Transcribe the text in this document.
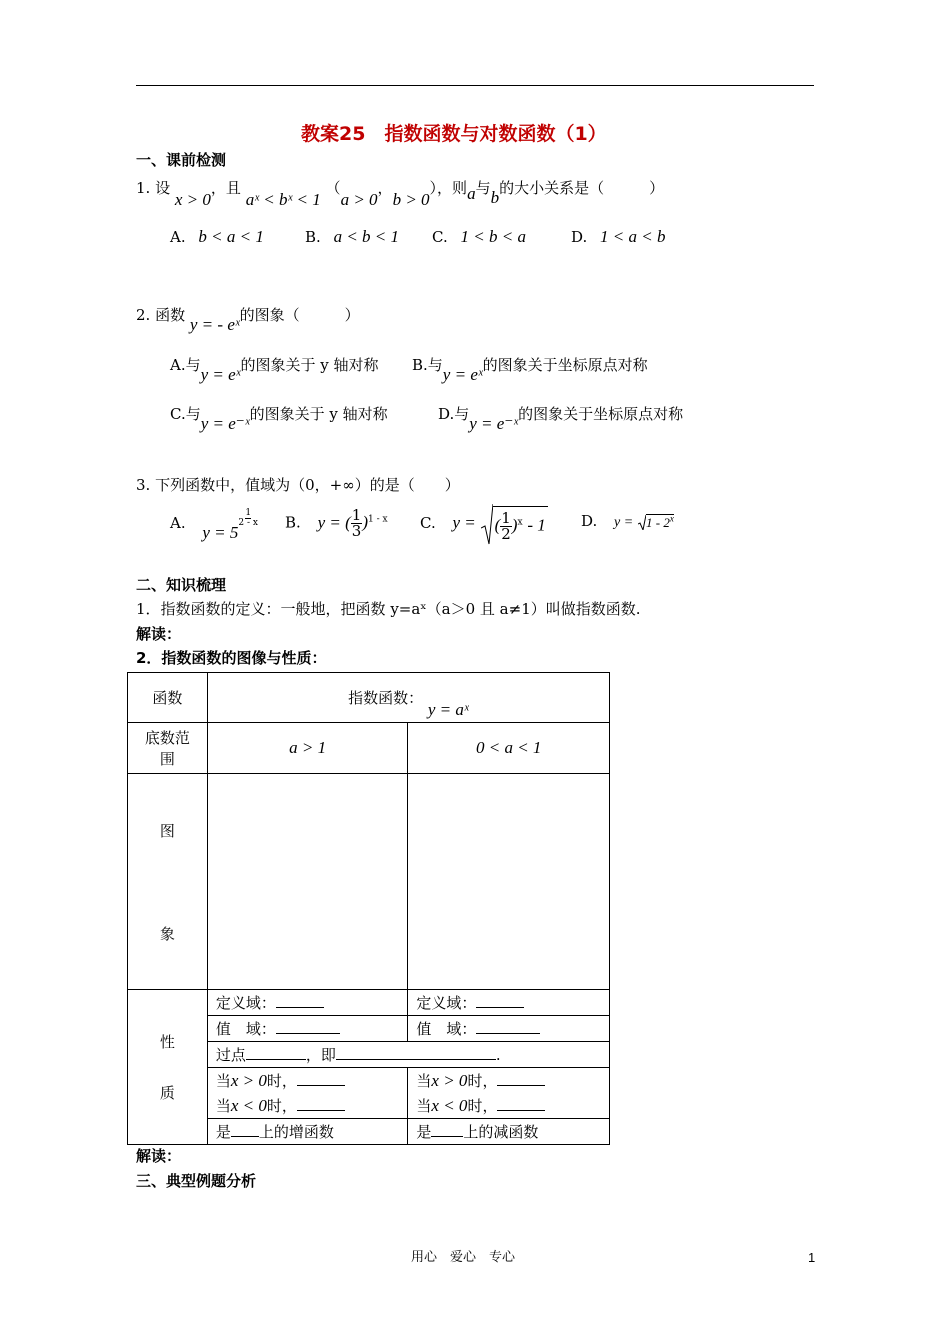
教案25　指数函数与对数函数（1）
一、课前检测
1. 设 x > 0，且 aˣ < bˣ < 1 （a > 0，b > 0），则a与b的大小关系是（　　　）
A. b < a < 1	B. a < b < 1 C. 1 < b < a	D. 1 < a < b
2. 函数 y = - eˣ的图象（　　　）
A.与y = eˣ的图象关于 y 轴对称 B.与y = eˣ的图象关于坐标原点对称
C.与y = e⁻ˣ的图象关于 y 轴对称	D.与y = e⁻ˣ的图象关于坐标原点对称
3. 下列函数中，值域为（0，+∞）的是（　　）
A. y = 5
$\frac{1}{2 - x} B$. y = ( $\frac{1}{3} )^{1 - x}$ C. y = ( $\frac{1}{2} )^x - 1$ D. y = 1 - 2$^x$
二、知识梳理
1．指数函数的定义：一般地，把函数 y=aˣ（a＞0 且 a≠1）叫做指数函数.
解读：
2．指数函数的图像与性质：
函数	指数函数： y = aˣ	

底数范
围	a > 1	0 < a < 1

图
象		

性
质	定义域：	定义域：
	值　域：	值　域：
	过点 ，即 .	
	当x > 0时，	当x > 0时，
	当x < 0时，	当x < 0时，
	是 上的增函数	是 上的减函数
解读：
三、典型例题分析
用心　爱心　专心	1
